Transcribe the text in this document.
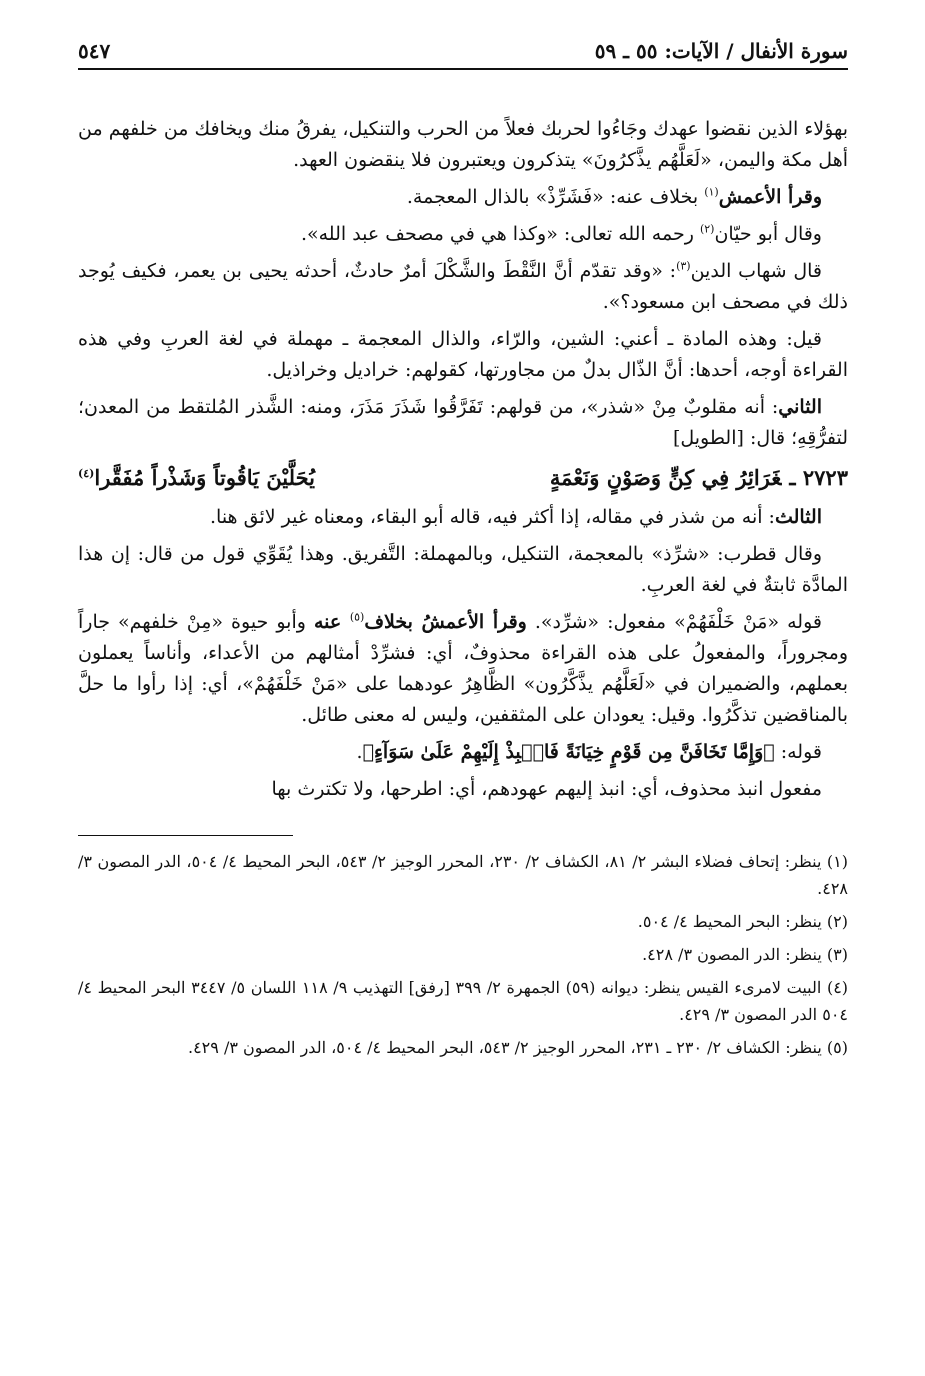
سورة الأنفال / الآيات: ٥٥ ـ ٥٩
٥٤٧

بهؤلاء الذين نقضوا عهدك وجَاءُوا لحربك فعلاً من الحرب والتنكيل، يفرقُ منك ويخافك من خلفهم من أهل مكة واليمن، «لَعَلَّهُم يذَّكرُونَ» يتذكرون ويعتبرون فلا ينقضون العهد.

وقرأ الأعمش$^{(١)}$ بخلاف عنه: «فَشَرِّذْ» بالذال المعجمة.

وقال أبو حيّان$^{(٢)}$ رحمه الله تعالى: «وكذا هي في مصحف عبد الله».

قال شهاب الدين$^{(٣)}$: «وقد تقدّم أنَّ النَّقْطَ والشَّكْلَ أمرٌ حادثٌ، أحدثه يحيى بن يعمر، فكيف يُوجد ذلك في مصحف ابن مسعود؟».

قيل: وهذه المادة ـ أعني: الشين، والرّاء، والذال المعجمة ـ مهملة في لغة العربِ وفي هذه القراءة أوجه، أحدها: أنَّ الذّال بدلٌ من مجاورتها، كقولهم: خراديل وخراذيل.

الثاني: أنه مقلوبٌ مِنْ «شذر»، من قولهم: تَفَرَّقُوا شَذَرَ مَذَرَ، ومنه: الشَّذر المُلتقط من المعدن؛ لتفرُّقِهِ؛ قال: [الطويل]

٢٧٢٣ ـغَرَائِرُ فِي كِنٍّ وَصَوْنٍ وَنَعْمَةٍ
يُحَلَّيْنَ يَاقُوتاً وَشَذْراً مُفَقَّرا$^{(٤)}$

الثالث: أنه من شذر في مقاله، إذا أكثر فيه، قاله أبو البقاء، ومعناه غير لائق هنا.

وقال قطرب: «شرِّذ» بالمعجمة، التنكيل، وبالمهملة: التَّفريق. وهذا يُقَوِّي قول من قال: إن هذا المادَّة ثابتةٌ في لغة العربِ.

قوله «مَنْ خَلْفَهُمْ» مفعول: «شرِّد». وقرأ الأعمشُ بخلاف$^{(٥)}$ عنه وأبو حيوة «مِنْ خلفهم» جاراً ومجروراً، والمفعولُ على هذه القراءة محذوفٌ، أي: فشرِّدْ أمثالهم من الأعداء، وأناساً يعملون بعملهم، والضميران في «لَعَلَّهُم يذَّكَّرُون» الظَّاهِرُ عودهما على «مَنْ خَلْفَهُمْ»، أي: إذا رأوا ما حلَّ بالمناقضين تذكَّرُوا. وقيل: يعودان على المثقفين، وليس له معنى طائل.

قوله: ﴿وَإِمَّا تَخَافَنَّ مِن قَوْمٍ خِيَانَةً فَانۢبِذْ إِلَيْهِمْ عَلَىٰ سَوَآءٍ﴾.

مفعول انبذ محذوف، أي: انبذ إليهم عهودهم، أي: اطرحها، ولا تكترث بها

(١) ينظر: إتحاف فضلاء البشر ٢/ ٨١، الكشاف ٢/ ٢٣٠، المحرر الوجيز ٢/ ٥٤٣، البحر المحيط ٤/ ٥٠٤، الدر المصون ٣/ ٤٢٨.

(٢) ينظر: البحر المحيط ٤/ ٥٠٤.

(٣) ينظر: الدر المصون ٣/ ٤٢٨.

(٤) البيت لامرىء القيس ينظر: ديوانه (٥٩) الجمهرة ٢/ ٣٩٩ [رفق] التهذيب ٩/ ١١٨ اللسان ٥/ ٣٤٤٧ البحر المحيط ٤/ ٥٠٤ الدر المصون ٣/ ٤٢٩.

(٥) ينظر: الكشاف ٢/ ٢٣٠ ـ ٢٣١، المحرر الوجيز ٢/ ٥٤٣، البحر المحيط ٤/ ٥٠٤، الدر المصون ٣/ ٤٢٩.
